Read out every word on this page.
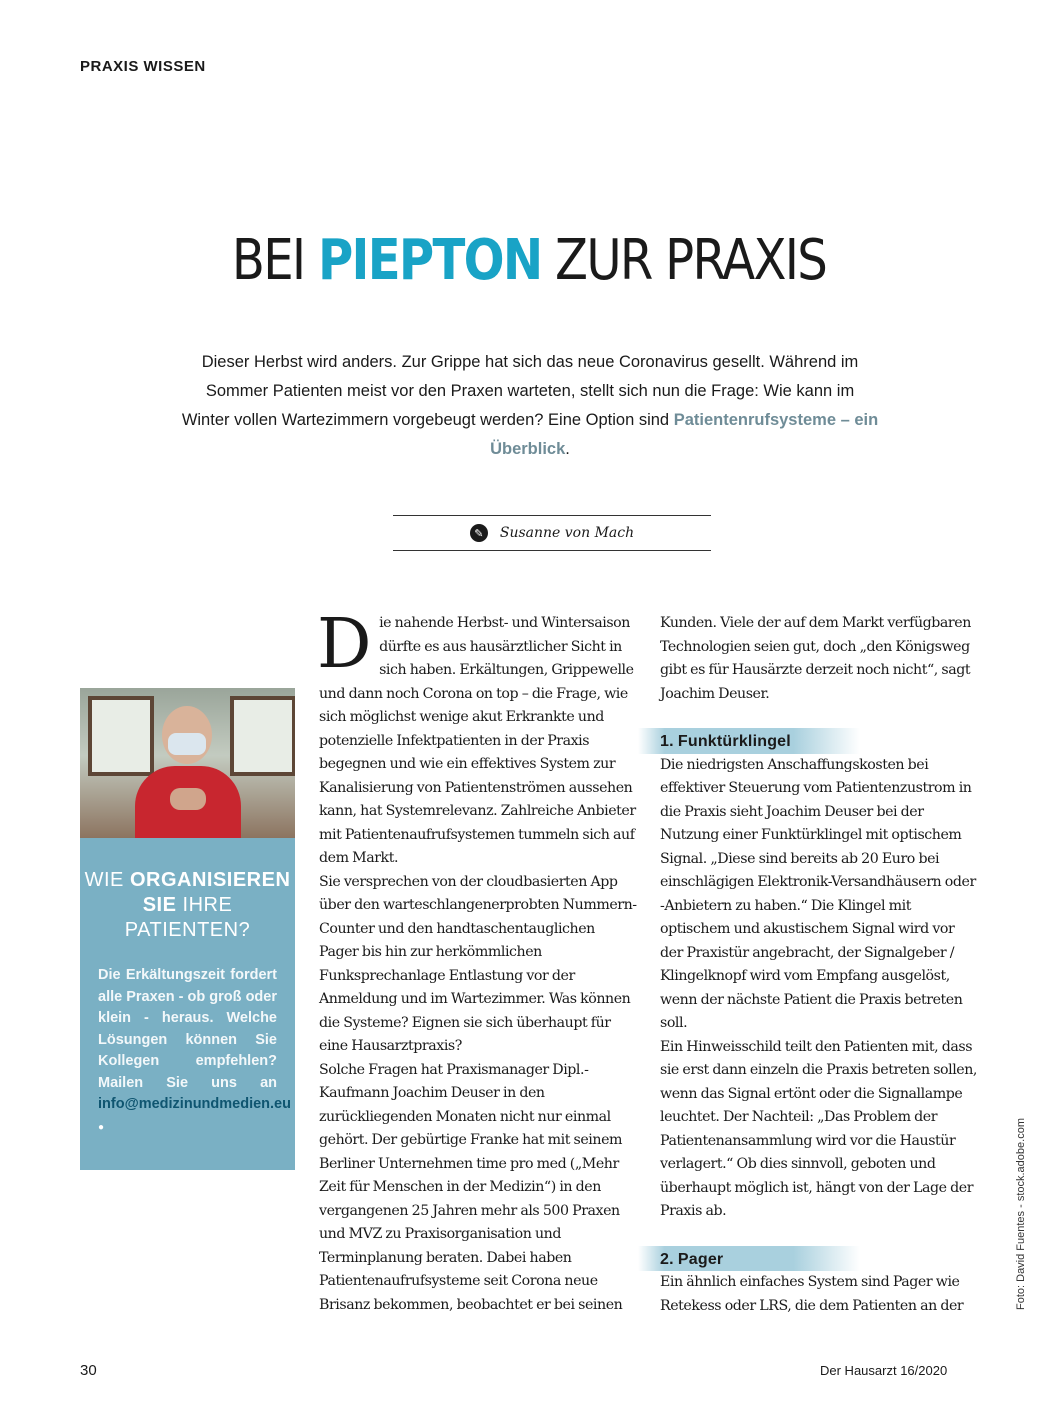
PRAXIS WISSEN
BEI PIEPTON ZUR PRAXIS
Dieser Herbst wird anders. Zur Grippe hat sich das neue Coronavirus gesellt. Während im Sommer Patienten meist vor den Praxen warteten, stellt sich nun die Frage: Wie kann im Winter vollen Wartezimmern vorgebeugt werden? Eine Option sind Patientenrufsysteme – ein Überblick.
✎	Susanne von Mach
WIE ORGANISIEREN
SIE IHRE PATIENTEN?
Die Erkältungszeit fordert alle Praxen - ob groß oder klein - heraus. Welche Lösungen können Sie Kollegen empfehlen? Mailen Sie uns an info@medizinundmedien.eu ●

Die nahende Herbst- und Wintersaison dürfte es aus hausärztlicher Sicht in sich haben. Erkältungen, Grippewelle und dann noch Corona on top – die Frage, wie sich möglichst wenige akut Erkrankte und potenzielle Infektpatienten in der Praxis begegnen und wie ein effektives System zur Kanalisierung von Patientenströmen aussehen kann, hat Systemrelevanz. Zahlreiche Anbieter mit Patientenaufrufsystemen tummeln sich auf dem Markt.

Sie versprechen von der cloudbasierten App über den warteschlangenerprobten Nummern-Counter und den handtaschentauglichen Pager bis hin zur herkömmlichen Funksprechanlage Entlastung vor der Anmeldung und im Wartezimmer. Was können die Systeme? Eignen sie sich überhaupt für eine Hausarztpraxis?

Solche Fragen hat Praxismanager Dipl.-Kaufmann Joachim Deuser in den zurückliegenden Monaten nicht nur einmal gehört. Der gebürtige Franke hat mit seinem Berliner Unternehmen time pro med („Mehr Zeit für Menschen in der Medizin“) in den vergangenen 25 Jahren mehr als 500 Praxen und MVZ zu Praxisorganisation und Terminplanung beraten. Dabei haben Patientenaufrufsysteme seit Corona neue Brisanz bekommen, beobachtet er bei seinen

Kunden. Viele der auf dem Markt verfügbaren Technologien seien gut, doch „den Königsweg gibt es für Hausärzte derzeit noch nicht“, sagt Joachim Deuser.

1. Funktürklingel

Die niedrigsten Anschaffungskosten bei effektiver Steuerung vom Patientenzustrom in die Praxis sieht Joachim Deuser bei der Nutzung einer Funktürklingel mit optischem Signal. „Diese sind bereits ab 20 Euro bei einschlägigen Elektronik-Versandhäusern oder -Anbietern zu haben.“ Die Klingel mit optischem und akustischem Signal wird vor der Praxistür angebracht, der Signalgeber / Klingelknopf wird vom Empfang ausgelöst, wenn der nächste Patient die Praxis betreten soll.

Ein Hinweisschild teilt den Patienten mit, dass sie erst dann einzeln die Praxis betreten sollen, wenn das Signal ertönt oder die Signallampe leuchtet. Der Nachteil: „Das Problem der Patientenansammlung wird vor die Haustür verlagert.“ Ob dies sinnvoll, geboten und überhaupt möglich ist, hängt von der Lage der Praxis ab.

2. Pager

Ein ähnlich einfaches System sind Pager wie Retekess oder LRS, die dem Patienten an der	Foto: David Fuentes - stock.adobe.com
30	Der Hausarzt 16/2020
